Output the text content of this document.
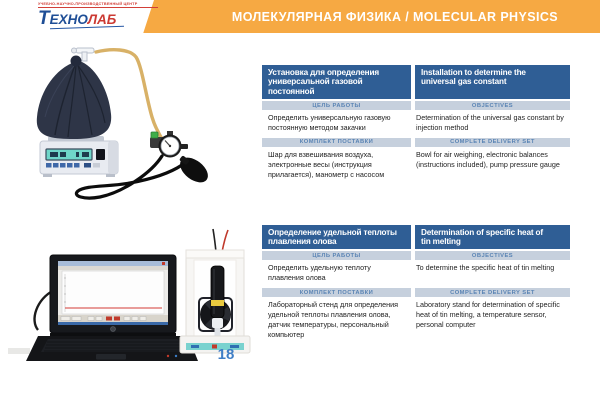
МОЛЕКУЛЯРНАЯ ФИЗИКА / MOLECULAR PHYSICS
УЧЕБНО-НАУЧНО-ПРОИЗВОДСТВЕННЫЙ ЦЕНТР
ТЕХНОЛАБ
Установка для определения универсальной газовой постоянной
Installation to determine the universal gas constant
ЦЕЛЬ РАБОТЫ	OBJECTIVES
Определить универсальную газовую постоянную методом закачки
Determination of the universal gas constant by injection method
КОМПЛЕКТ ПОСТАВКИ	COMPLETE DELIVERY SET
Шар для взвешивания воздуха, электронные весы (инструкция прилагается), манометр с насосом
Bowl for air weighing, electronic balances (instructions included), pump pressure gauge
Определение удельной теплоты плавления олова
Determination of specific heat of tin melting
ЦЕЛЬ РАБОТЫ	OBJECTIVES
Определить удельную теплоту плавления олова
To determine the specific heat of tin melting
КОМПЛЕКТ ПОСТАВКИ	COMPLETE DELIVERY SET
Лабораторный стенд для определения удельной теплоты плавления олова, датчик температуры, персональный компьютер
Laboratory stand for determination of specific heat of tin melting, a temperature sensor, personal computer
18
